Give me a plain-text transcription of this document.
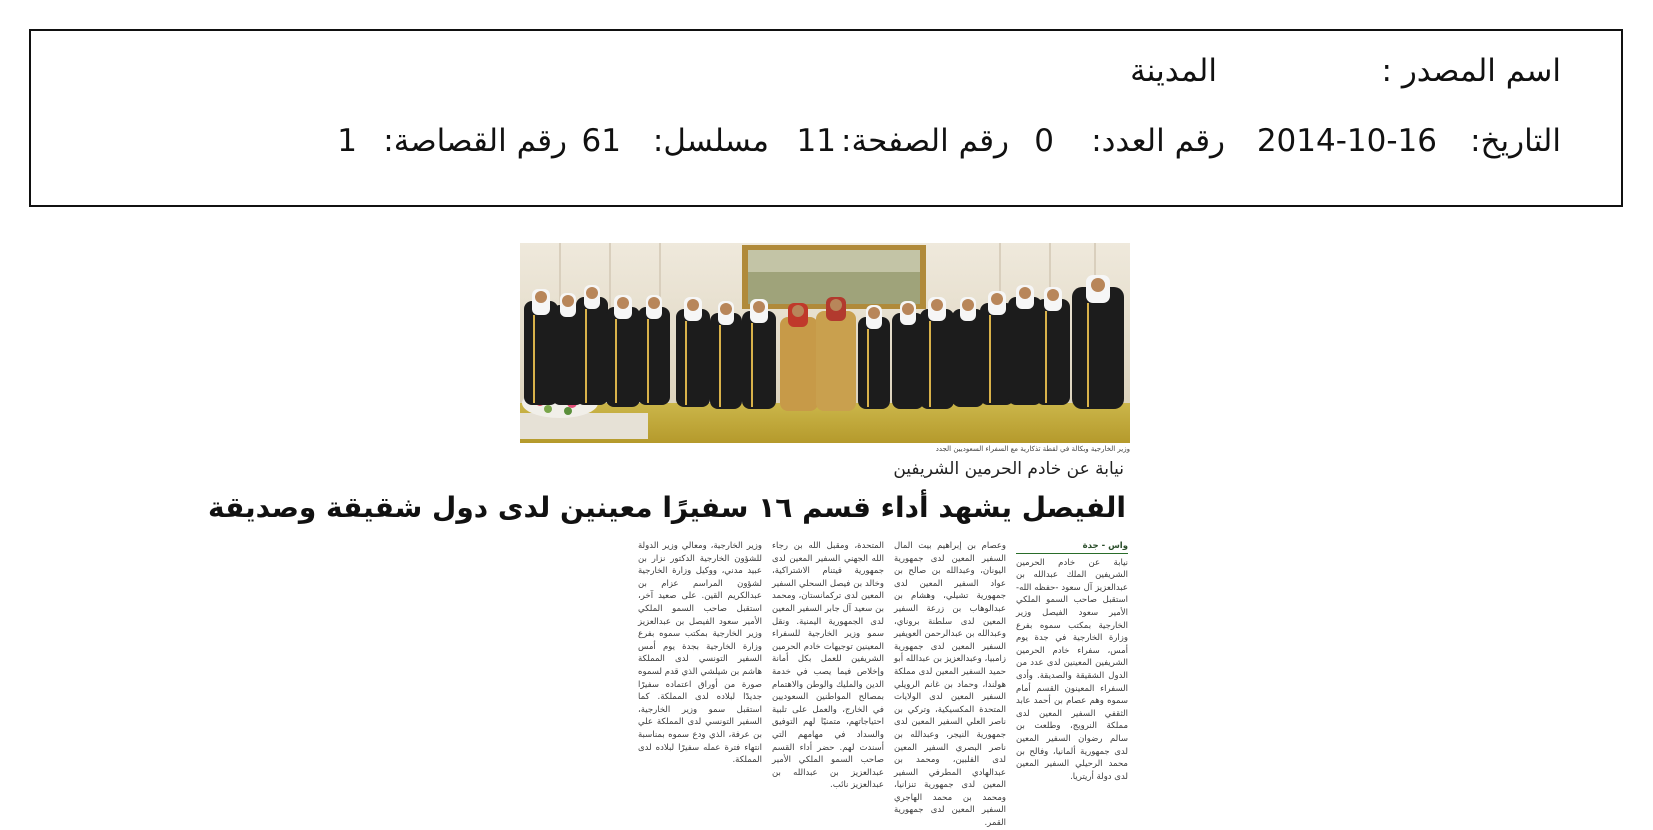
اسم المصدر :
المدينة
التاريخ:
2014-10-16
رقم العدد:
0
رقم الصفحة:
11
مسلسل:
61
رقم القصاصة:
1
وزير الخارجية وبكالة في لقطة تذكارية مع السفراء السعوديين الجدد
نيابة عن خادم الحرمين الشريفين
الفيصل يشهد أداء قسم ١٦ سفيرًا معينين لدى دول شقيقة وصديقة
واس - جدة
نيابة عن خادم الحرمين الشريفين الملك عبدالله بن عبدالعزيز آل سعود -حفظه الله- استقبل صاحب السمو الملكي الأمير سعود الفيصل وزير الخارجية بمكتب سموه بفرع وزارة الخارجية في جدة يوم أمس، سفراء خادم الحرمين الشريفين المعينين لدى عدد من الدول الشقيقة والصديقة. وأدى السفراء المعينون القسم أمام سموه وهم عصام بن أحمد عابد الثقفي السفير المعين لدى مملكة النرويج، وطلعت بن سالم رضوان السفير المعين لدى جمهورية ألمانيا، وفالح بن محمد الرحيلي السفير المعين لدى دولة أريتريا.
وعصام بن إبراهيم بيت المال السفير المعين لدى جمهورية اليونان، وعبدالله بن صالح بن عواد السفير المعين لدى جمهورية تشيلي، وهشام بن عبدالوهاب بن زرعة السفير المعين لدى سلطنة بروناي، وعبدالله بن عبدالرحمن العويفير السفير المعين لدى جمهورية زامبيا، وعبدالعزيز بن عبدالله أبو حميد السفير المعين لدى مملكة هولندا، وحماد بن غانم الرويلي السفير المعين لدى الولايات المتحدة المكسيكية، وتركي بن ناصر العلي السفير المعين لدى جمهورية النيجر، وعبدالله بن ناصر البصري السفير المعين لدى الفلبين، ومحمد بن عبدالهادي المطرفي السفير المعين لدى جمهورية تنزانيا، ومحمد بن محمد الهاجري السفير المعين لدى جمهورية القمر.
المتحدة، ومقبل الله بن رجاء الله الجهني السفير المعين لدى جمهورية فيتنام الاشتراكية، وخالد بن فيصل السحلي السفير المعين لدى تركمانستان، ومحمد بن سعيد آل جابر السفير المعين لدى الجمهورية اليمنية. ونقل سمو وزير الخارجية للسفراء المعينين توجيهات خادم الحرمين الشريفين للعمل بكل أمانة وإخلاص فيما يصب في خدمة الدين والمليك والوطن والاهتمام بمصالح المواطنين السعوديين في الخارج، والعمل على تلبية احتياجاتهم، متمنيًا لهم التوفيق والسداد في مهامهم التي أسندت لهم. حضر أداء القسم صاحب السمو الملكي الأمير عبدالعزيز بن عبدالله بن عبدالعزيز نائب.
وزير الخارجية، ومعالي وزير الدولة للشؤون الخارجية الدكتور نزار بن عبيد مدني، ووكيل وزارة الخارجية لشؤون المراسم عزام بن عبدالكريم القين. على صعيد آخر، استقبل صاحب السمو الملكي الأمير سعود الفيصل بن عبدالعزيز وزير الخارجية بمكتب سموه بفرع وزارة الخارجية بجدة يوم أمس السفير التونسي لدى المملكة هاشم بن شيلشي الذي قدم لسموه صورة من أوراق اعتماده سفيرًا جديدًا لبلاده لدى المملكة. كما استقبل سمو وزير الخارجية، السفير التونسي لدى المملكة علي بن عرفة، الذي ودع سموه بمناسبة انتهاء فترة عمله سفيرًا لبلاده لدى المملكة.
